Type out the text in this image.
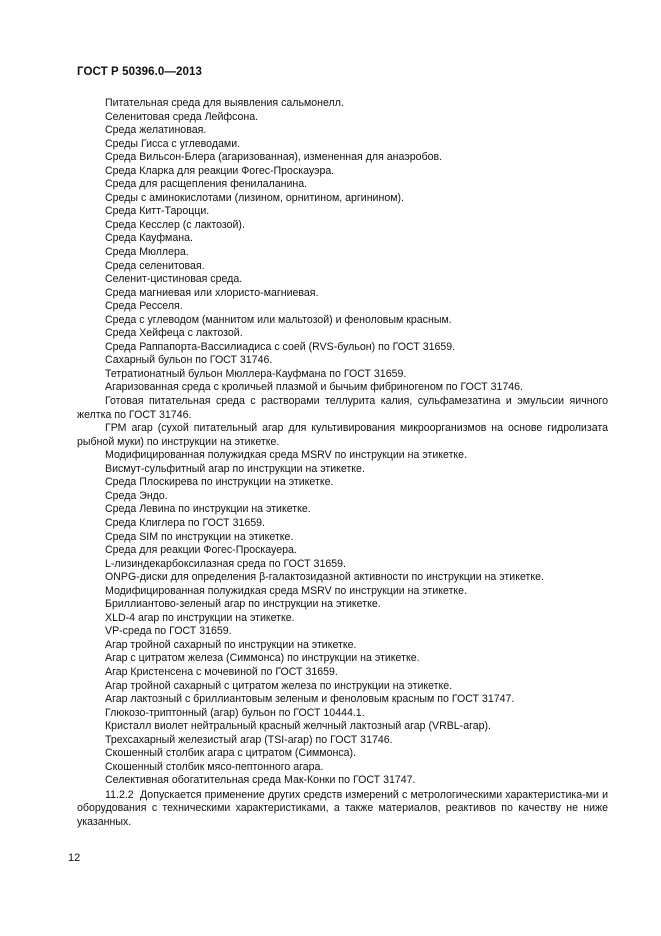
ГОСТ Р 50396.0—2013
Питательная среда для выявления сальмонелл.
Селенитовая среда Лейфсона.
Среда желатиновая.
Среды Гисса с углеводами.
Среда Вильсон-Блера (агаризованная), измененная для анаэробов.
Среда Кларка для реакции Фогес-Проскауэра.
Среда для расщепления фенилаланина.
Среды с аминокислотами (лизином, орнитином, аргинином).
Среда Китт-Тароцци.
Среда Кесслер (с лактозой).
Среда Кауфмана.
Среда Мюллера.
Среда селенитовая.
Селенит-цистиновая среда.
Среда магниевая или хлористо-магниевая.
Среда Ресселя.
Среда с углеводом (маннитом или мальтозой) и феноловым красным.
Среда Хейфеца с лактозой.
Среда Раппапорта-Вассилиадиса с соей (RVS-бульон) по ГОСТ 31659.
Сахарный бульон по ГОСТ 31746.
Тетратионатный бульон Мюллера-Кауфмана по ГОСТ 31659.
Агаризованная среда с кроличьей плазмой и бычьим фибриногеном по ГОСТ 31746.
Готовая питательная среда с растворами теллурита калия, сульфамезатина и эмульсии яичного желтка по ГОСТ 31746.
ГРМ агар (сухой питательный агар для культивирования микроорганизмов на основе гидролизата рыбной муки) по инструкции на этикетке.
Модифицированная полужидкая среда MSRV по инструкции на этикетке.
Висмут-сульфитный агар по инструкции на этикетке.
Среда Плоскирева по инструкции на этикетке.
Среда Эндо.
Среда Левина по инструкции на этикетке.
Среда Клиглера по ГОСТ 31659.
Среда SIM по инструкции на этикетке.
Среда для реакции Фогес-Проскауера.
L-лизиндекарбоксилазная среда по ГОСТ 31659.
ONPG-диски для определения β-галактозидазной активности по инструкции на этикетке.
Модифицированная полужидкая среда MSRV по инструкции на этикетке.
Бриллиантово-зеленый агар по инструкции на этикетке.
XLD-4 агар по инструкции на этикетке.
VP-среда по ГОСТ 31659.
Агар тройной сахарный по инструкции на этикетке.
Агар с цитратом железа (Симмонса) по инструкции на этикетке.
Агар Кристенсена с мочевиной по ГОСТ 31659.
Агар тройной сахарный с цитратом железа по инструкции на этикетке.
Агар лактозный с бриллиантовым зеленым и феноловым красным по ГОСТ 31747.
Глюкозо-триптонный (агар) бульон по ГОСТ 10444.1.
Кристалл виолет нейтральный красный желчный лактозный агар (VRBL-агар).
Трехсахарный железистый агар (TSI-агар) по ГОСТ 31746.
Скошенный столбик агара с цитратом (Симмонса).
Скошенный столбик мясо-пептонного агара.
Селективная обогатительная среда Мак-Конки по ГОСТ 31747.
11.2.2 Допускается применение других средств измерений с метрологическими характеристика-ми и оборудования с техническими характеристиками, а также материалов, реактивов по качеству не ниже указанных.
12
